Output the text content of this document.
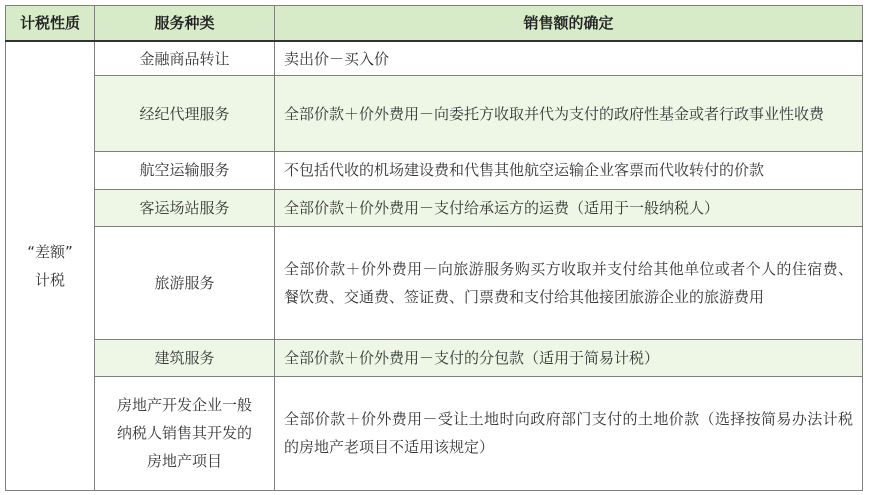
计税性质	服务种类	销售额的确定

“差额”
计税	金融商品转让	卖出价－买入价
	经纪代理服务	全部价款＋价外费用－向委托方收取并代为支付的政府性基金或者行政事业性收费
	航空运输服务	不包括代收的机场建设费和代售其他航空运输企业客票而代收转付的价款
	客运场站服务	全部价款＋价外费用－支付给承运方的运费（适用于一般纳税人）
	旅游服务	全部价款＋价外费用－向旅游服务购买方收取并支付给其他单位或者个人的住宿费、餐饮费、交通费、签证费、门票费和支付给其他接团旅游企业的旅游费用
	建筑服务	全部价款＋价外费用－支付的分包款（适用于简易计税）

	房地产开发企业一般
纳税人销售其开发的
房地产项目	全部价款＋价外费用－受让土地时向政府部门支付的土地价款（选择按简易办法计税的房地产老项目不适用该规定）
